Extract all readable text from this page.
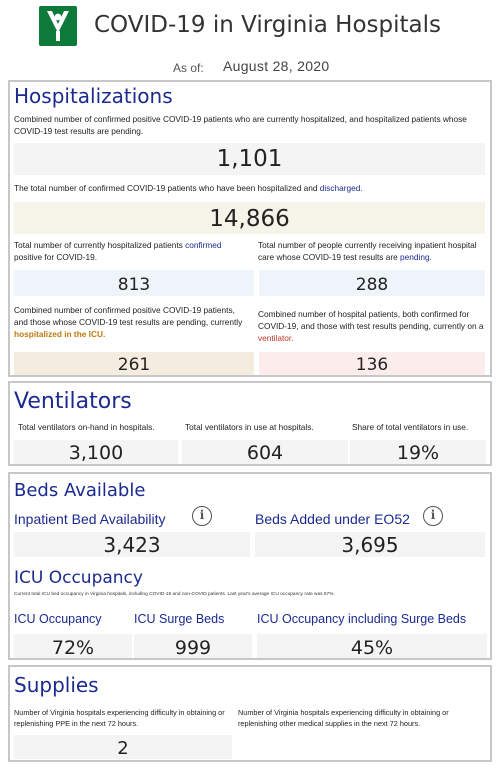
COVID-19 in Virginia Hospitals
As of: August 28, 2020
Hospitalizations
Combined number of confirmed positive COVID-19 patients who are currently hospitalized, and hospitalized patients whose COVID-19 test results are pending.
1,101
The total number of confirmed COVID-19 patients who have been hospitalized and discharged.
14,866
Total number of currently hospitalized patients confirmed positive for COVID-19.
813
Total number of people currently receiving inpatient hospital care whose COVID-19 test results are pending.
288
Combined number of confirmed positive COVID-19 patients, and those whose COVID-19 test results are pending, currently hospitalized in the ICU.
261
Combined number of hospital patients, both confirmed for COVID-19, and those with test results pending, currently on a ventilator.
136
Ventilators
Total ventilators on-hand in hospitals.
3,100
Total ventilators in use at hospitals.
604
Share of total ventilators in use.
19%
Beds Available
Inpatient Bed Availability	i
3,423
Beds Added under EO52	i
3,695
ICU Occupancy
Current total ICU bed occupancy in Virginia hospitals, including COVID-19 and non-COVID patients. Last year's average ICU occupancy rate was 67%.
ICU Occupancy
72%
ICU Surge Beds
999
ICU Occupancy including Surge Beds
45%
Supplies
Number of Virginia hospitals experiencing difficulty in obtaining or replenishing PPE in the next 72 hours.
2
Number of Virginia hospitals experiencing difficulty in obtaining or replenishing other medical supplies in the next 72 hours.
